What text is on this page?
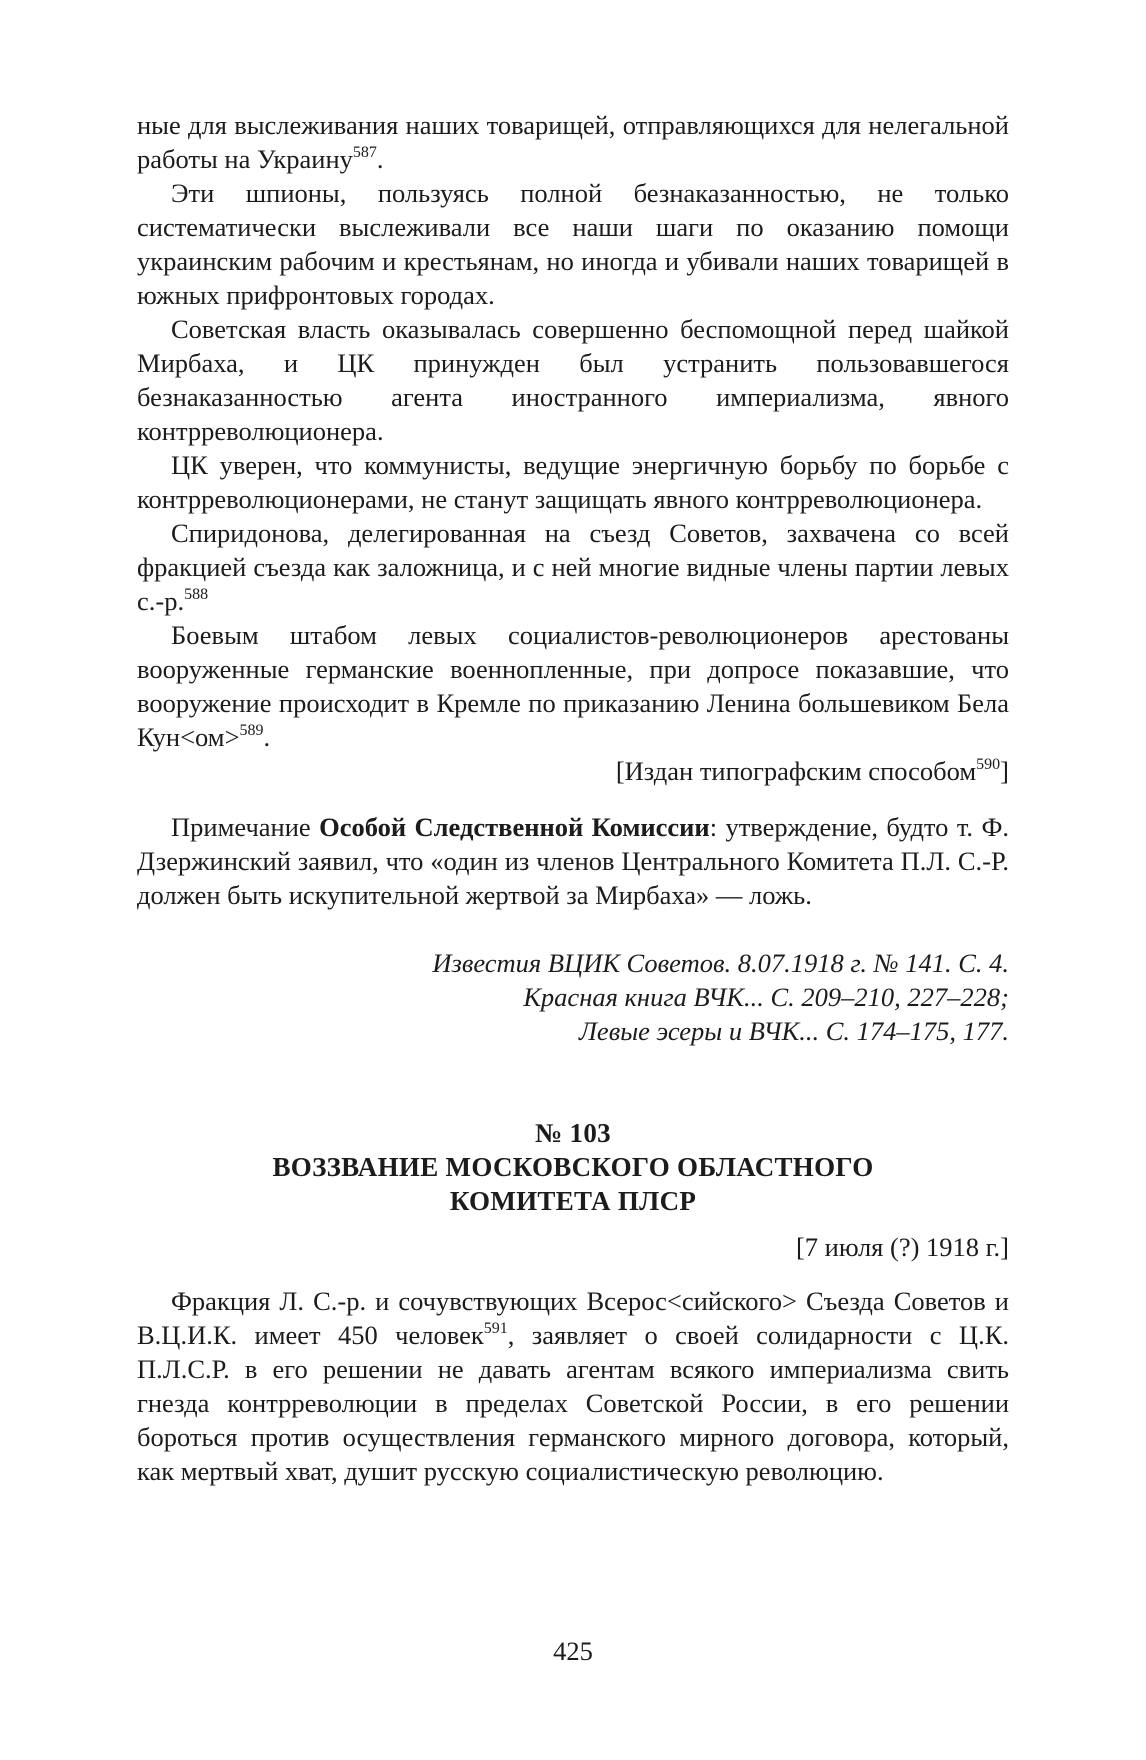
ные для выслеживания наших товарищей, отправляющихся для нелегальной работы на Украину$^{587}$.

Эти шпионы, пользуясь полной безнаказанностью, не только систематически выслеживали все наши шаги по оказанию помощи украинским рабочим и крестьянам, но иногда и убивали наших товарищей в южных прифронтовых городах.

Советская власть оказывалась совершенно беспомощной перед шайкой Мирбаха, и ЦК принужден был устранить пользовавшегося безнаказанностью агента иностранного империализма, явного контрреволюционера.

ЦК уверен, что коммунисты, ведущие энергичную борьбу по борьбе с контрреволюционерами, не станут защищать явного контрреволюционера.

Спиридонова, делегированная на съезд Советов, захвачена со всей фракцией съезда как заложница, и с ней многие видные члены партии левых с.-р.$^{588}$

Боевым штабом левых социалистов-революционеров арестованы вооруженные германские военнопленные, при допросе показавшие, что вооружение происходит в Кремле по приказанию Ленина большевиком Бела Кун<ом>$^{589}$.

[Издан типографским способом$^{590}$]

Примечание Особой Следственной Комиссии: утверждение, будто т. Ф. Дзержинский заявил, что «один из членов Центрального Комитета П.Л. С.-Р. должен быть искупительной жертвой за Мирбаха» — ложь.

Известия ВЦИК Советов. 8.07.1918 г. № 141. С. 4.
Красная книга ВЧК... С. 209–210, 227–228;
Левые эсеры и ВЧК... С. 174–175, 177.
№ 103
ВОЗЗВАНИЕ МОСКОВСКОГО ОБЛАСТНОГО
КОМИТЕТА ПЛСР

[7 июля (?) 1918 г.]

Фракция Л. С.-р. и сочувствующих Всерос<сийского> Съезда Советов и В.Ц.И.К. имеет 450 человек$^{591}$, заявляет о своей солидарности с Ц.К. П.Л.С.Р. в его решении не давать агентам всякого империализма свить гнезда контрреволюции в пределах Советской России, в его решении бороться против осуществления германского мирного договора, который, как мертвый хват, душит русскую социалистическую революцию.

425
